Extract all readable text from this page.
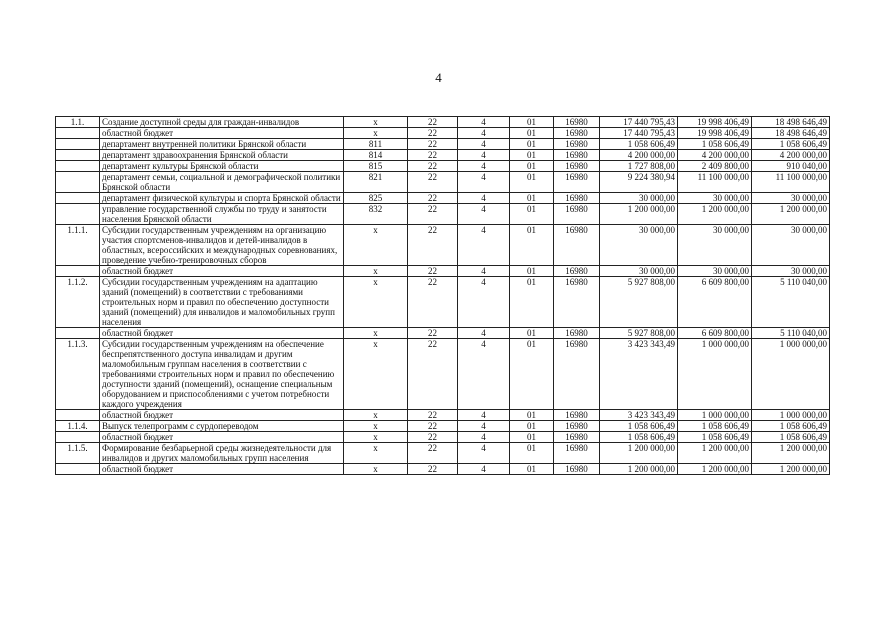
4
1.1.	Создание доступной среды для граждан-инвалидов	х	22	4	01	16980	17 440 795,43	19 998 406,49	18 498 646,49
	областной бюджет	х	22	4	01	16980	17 440 795,43	19 998 406,49	18 498 646,49
	департамент внутренней политики Брянской области	811	22	4	01	16980	1 058 606,49	1 058 606,49	1 058 606,49
	департамент здравоохранения Брянской области	814	22	4	01	16980	4 200 000,00	4 200 000,00	4 200 000,00
	департамент культуры Брянской области	815	22	4	01	16980	1 727 808,00	2 409 800,00	910 040,00
	департамент семьи, социальной и демографической политики Брянской области	821	22	4	01	16980	9 224 380,94	11 100 000,00	11 100 000,00
	департамент физической культуры и спорта Брянской области	825	22	4	01	16980	30 000,00	30 000,00	30 000,00
	управление государственной службы по труду и занятости населения Брянской области	832	22	4	01	16980	1 200 000,00	1 200 000,00	1 200 000,00
1.1.1.	Субсидии государственным учреждениям на организацию участия спортсменов-инвалидов и детей-инвалидов в областных, всероссийских и международных соревнованиях, проведение учебно-тренировочных сборов	х	22	4	01	16980	30 000,00	30 000,00	30 000,00
	областной бюджет	х	22	4	01	16980	30 000,00	30 000,00	30 000,00
1.1.2.	Субсидии государственным учреждениям на адаптацию зданий (помещений) в соответствии с требованиями строительных норм и правил по обеспечению доступности зданий (помещений) для инвалидов и маломобильных групп населения	х	22	4	01	16980	5 927 808,00	6 609 800,00	5 110 040,00
	областной бюджет	х	22	4	01	16980	5 927 808,00	6 609 800,00	5 110 040,00
1.1.3.	Субсидии государственным учреждениям на обеспечение беспрепятственного доступа инвалидам и другим маломобильным группам населения в соответствии с требованиями строительных норм и правил по обеспечению доступности зданий (помещений), оснащение специальным оборудованием и приспособлениями с учетом потребности каждого учреждения	х	22	4	01	16980	3 423 343,49	1 000 000,00	1 000 000,00
	областной бюджет	х	22	4	01	16980	3 423 343,49	1 000 000,00	1 000 000,00
1.1.4.	Выпуск телепрограмм с сурдопереводом	х	22	4	01	16980	1 058 606,49	1 058 606,49	1 058 606,49
	областной бюджет	х	22	4	01	16980	1 058 606,49	1 058 606,49	1 058 606,49
1.1.5.	Формирование безбарьерной среды жизнедеятельности для инвалидов и других маломобильных групп населения	х	22	4	01	16980	1 200 000,00	1 200 000,00	1 200 000,00
	областной бюджет	х	22	4	01	16980	1 200 000,00	1 200 000,00	1 200 000,00
